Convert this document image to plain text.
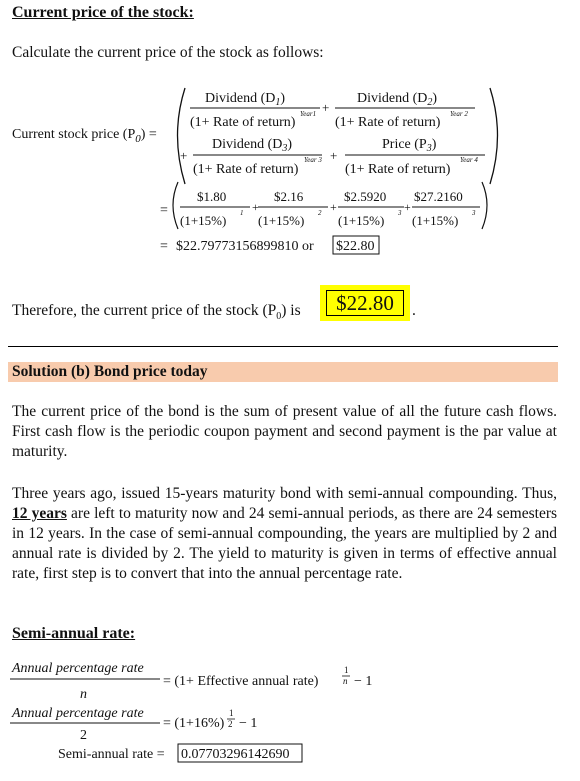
Current price of the stock:
Calculate the current price of the stock as follows:
Current stock price $(P_0)$ =
Dividend $(D_1)$
(1+ Rate of return)
Year1 +
Dividend $(D_2)$
(1+ Rate of return)
Year 2
+
Dividend $(D_3)$
(1+ Rate of return)
Year 3 +
Price $(P_3)$
(1+ Rate of return)
Year 4
=
$1.80
(1+15%) 1 +
$2.16
(1+15%) 2 +
$2.5920
(1+15%) 3 +
$27.2160
(1+15%) 3
= $22.79773156899810 or $22.80
Therefore, the current price of the stock $(P_0)$ is	$22.80	.
Solution (b) Bond price today
The current price of the bond is the sum of present value of all the future cash flows. First cash flow is the periodic coupon payment and second payment is the par value at maturity.
Three years ago, issued 15-years maturity bond with semi-annual compounding. Thus, 12 years are left to maturity now and 24 semi-annual periods, as there are 24 semesters in 12 years. In the case of semi-annual compounding, the years are multiplied by 2 and annual rate is divided by 2. The yield to maturity is given in terms of effective annual rate, first step is to convert that into the annual percentage rate.
Semi-annual rate:
Annual percentage rate
n
= (1+ Effective annual rate)
1
n − 1
Annual percentage rate
2
= (1+16%)
1
2 − 1
Semi-annual rate = 0.07703296142690
